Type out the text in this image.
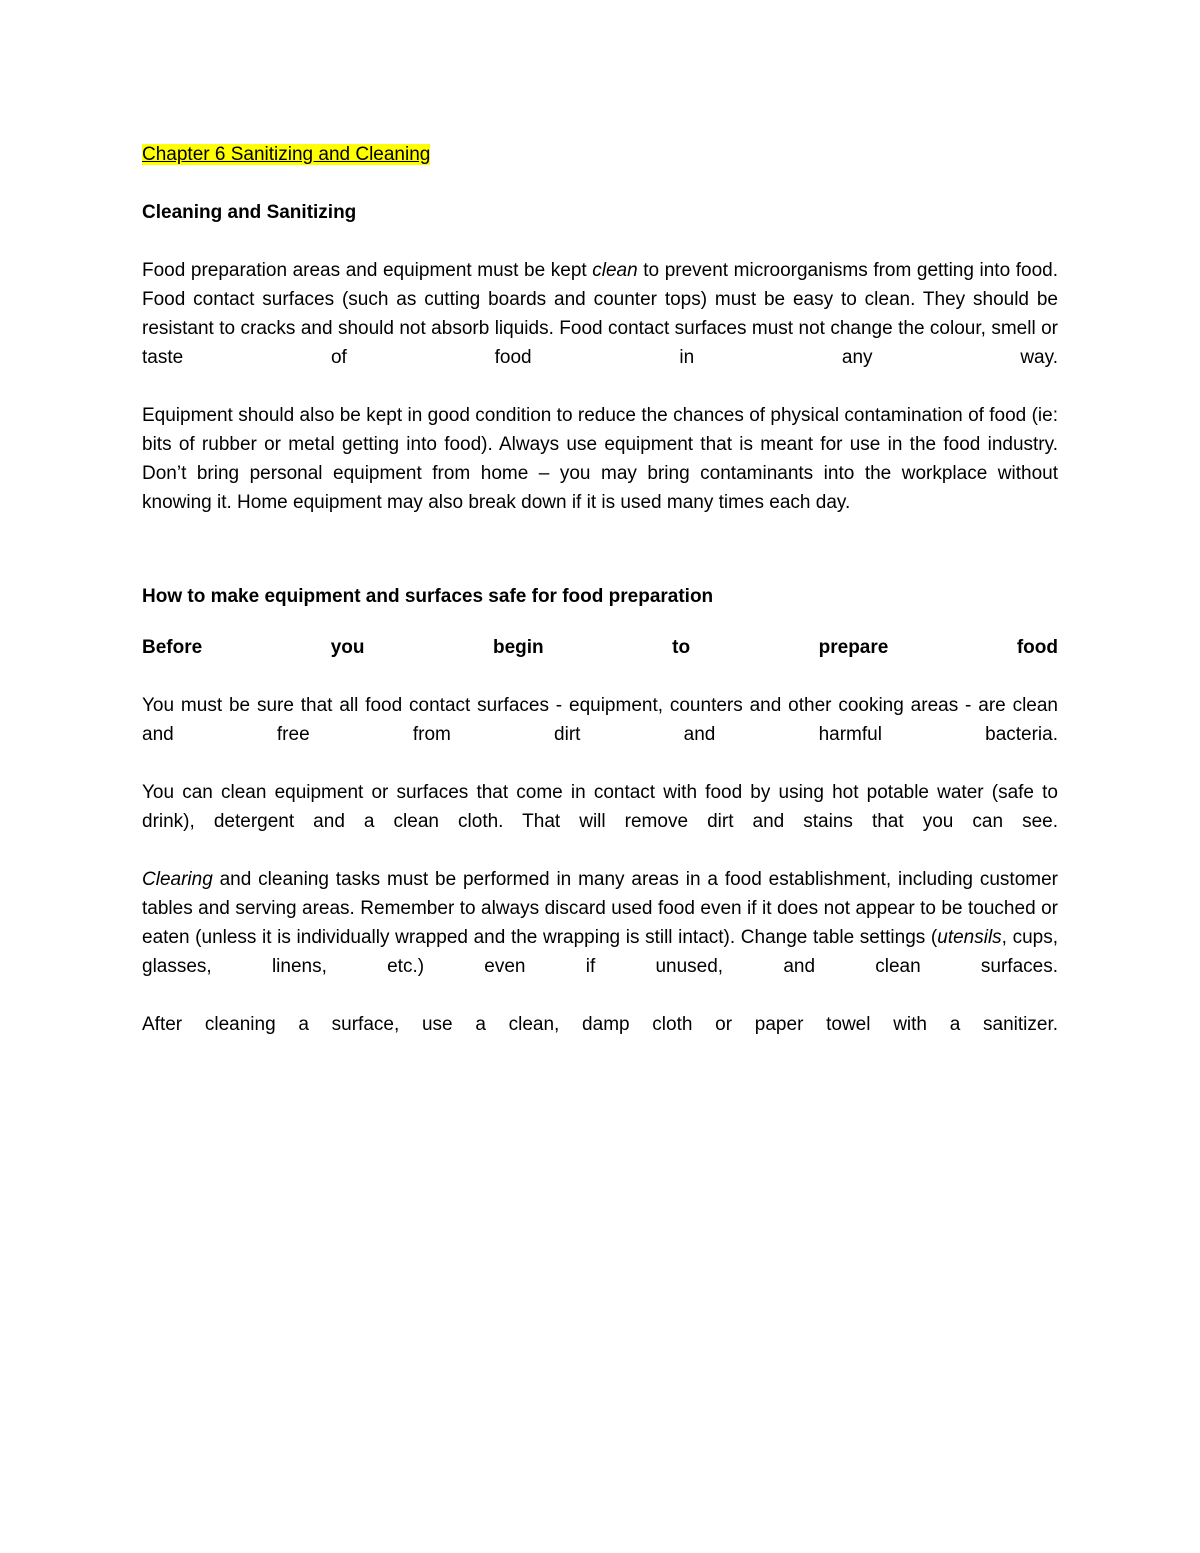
Chapter 6 Sanitizing and Cleaning
Cleaning and Sanitizing

Food preparation areas and equipment must be kept clean to prevent microorganisms from getting into food. Food contact surfaces (such as cutting boards and counter tops) must be easy to clean. They should be resistant to cracks and should not absorb liquids. Food contact surfaces must not change the colour, smell or taste of food in any way.

Equipment should also be kept in good condition to reduce the chances of physical contamination of food (ie: bits of rubber or metal getting into food). Always use equipment that is meant for use in the food industry. Don’t bring personal equipment from home – you may bring contaminants into the workplace without knowing it. Home equipment may also break down if it is used many times each day.

How to make equipment and surfaces safe for food preparation

Before you begin to prepare food

You must be sure that all food contact surfaces - equipment, counters and other cooking areas - are clean and free from dirt and harmful bacteria.

You can clean equipment or surfaces that come in contact with food by using hot potable water (safe to drink), detergent and a clean cloth. That will remove dirt and stains that you can see.

Clearing and cleaning tasks must be performed in many areas in a food establishment, including customer tables and serving areas. Remember to always discard used food even if it does not appear to be touched or eaten (unless it is individually wrapped and the wrapping is still intact). Change table settings (utensils, cups, glasses, linens, etc.) even if unused, and clean surfaces.

After cleaning a surface, use a clean, damp cloth or paper towel with a sanitizer.
